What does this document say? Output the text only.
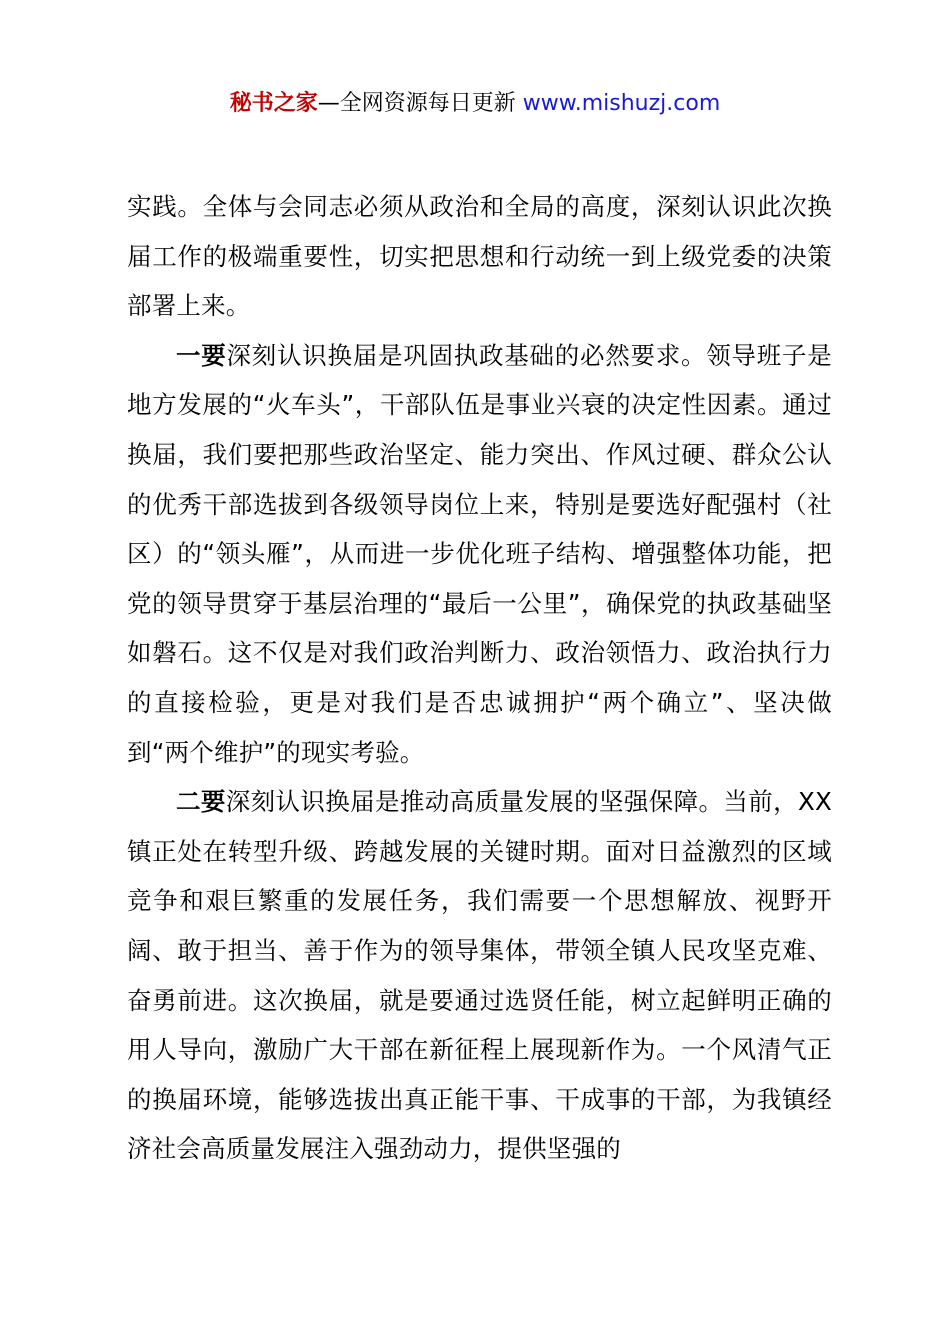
秘书之家—全网资源每日更新 www.mishuzj.com

实践。全体与会同志必须从政治和全局的高度，深刻认识此次换届工作的极端重要性，切实把思想和行动统一到上级党委的决策部署上来。

一要深刻认识换届是巩固执政基础的必然要求。领导班子是地方发展的“火车头”，干部队伍是事业兴衰的决定性因素。通过换届，我们要把那些政治坚定、能力突出、作风过硬、群众公认的优秀干部选拔到各级领导岗位上来，特别是要选好配强村（社区）的“领头雁”，从而进一步优化班子结构、增强整体功能，把党的领导贯穿于基层治理的“最后一公里”，确保党的执政基础坚如磐石。这不仅是对我们政治判断力、政治领悟力、政治执行力的直接检验，更是对我们是否忠诚拥护“两个确立”、坚决做到“两个维护”的现实考验。

二要深刻认识换届是推动高质量发展的坚强保障。当前，XX 镇正处在转型升级、跨越发展的关键时期。面对日益激烈的区域竞争和艰巨繁重的发展任务，我们需要一个思想解放、视野开阔、敢于担当、善于作为的领导集体，带领全镇人民攻坚克难、奋勇前进。这次换届，就是要通过选贤任能，树立起鲜明正确的用人导向，激励广大干部在新征程上展现新作为。一个风清气正的换届环境，能够选拔出真正能干事、干成事的干部，为我镇经济社会高质量发展注入强劲动力，提供坚强的
